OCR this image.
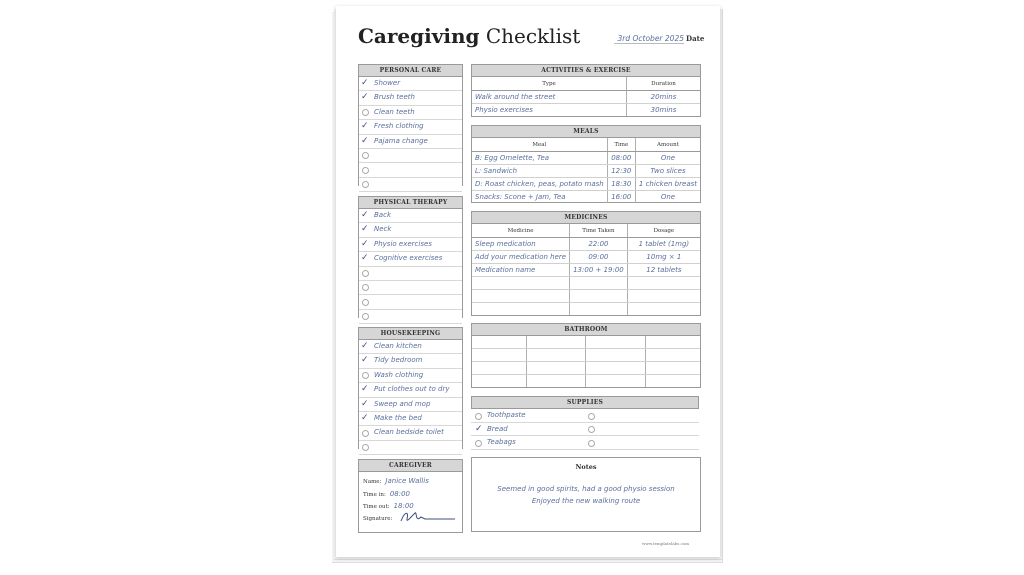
Caregiving Checklist	3rd October 2025 Date
PERSONAL CARE
✓ Shower
✓ Brush teeth
Clean teeth
✓ Fresh clothing
✓ Pajama change
PHYSICAL THERAPY
✓ Back
✓ Neck
✓ Physio exercises
✓ Cognitive exercises
HOUSEKEEPING
✓ Clean kitchen
✓ Tidy bedroom
Wash clothing
✓ Put clothes out to dry
✓ Sweep and mop
✓ Make the bed
Clean bedside toilet
CAREGIVER
Name: Janice Wallis
Time in: 08:00
Time out: 18:00
Signature:
ACTIVITIES & EXERCISE
Type	Duration
Walk around the street	20mins
Physio exercises	30mins
MEALS
Meal	Time	Amount
B: Egg Omelette, Tea	08:00	One
L: Sandwich	12:30	Two slices
D: Roast chicken, peas, potato mash	18:30	1 chicken breast
Snacks: Scone + Jam, Tea	16:00	One
MEDICINES
Medicine	Time Taken	Dosage
Sleep medication	22:00	1 tablet (1mg)
Add your medication here	09:00	10mg × 1
Medication name	13:00 + 19:00	12 tablets

BATHROOM

SUPPLIES
Toothpaste
✓ Bread
Teabags
Notes
Seemed in good spirits, had a good physio session
Enjoyed the new walking route
www.templatelabs.com
